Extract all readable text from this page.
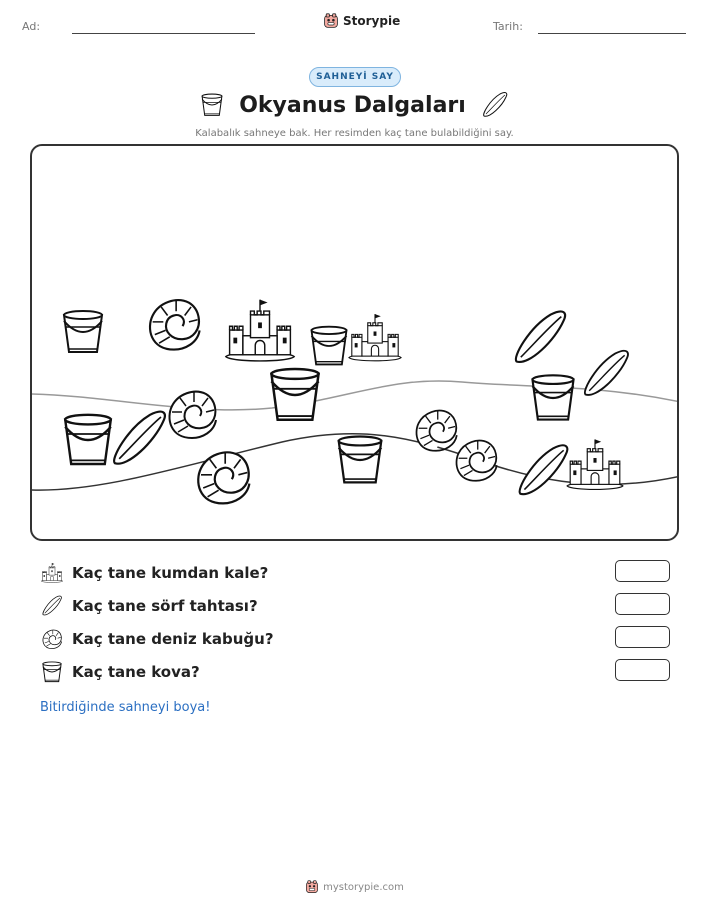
Ad:	Storypie	Tarih:
SAHNEYİ SAY
Okyanus Dalgaları
Kalabalık sahneye bak. Her resimden kaç tane bulabildiğini say.
Kaç tane kumdan kale?
Kaç tane sörf tahtası?
Kaç tane deniz kabuğu?
Kaç tane kova?
Bitirdiğinde sahneyi boya!
mystorypie.com
